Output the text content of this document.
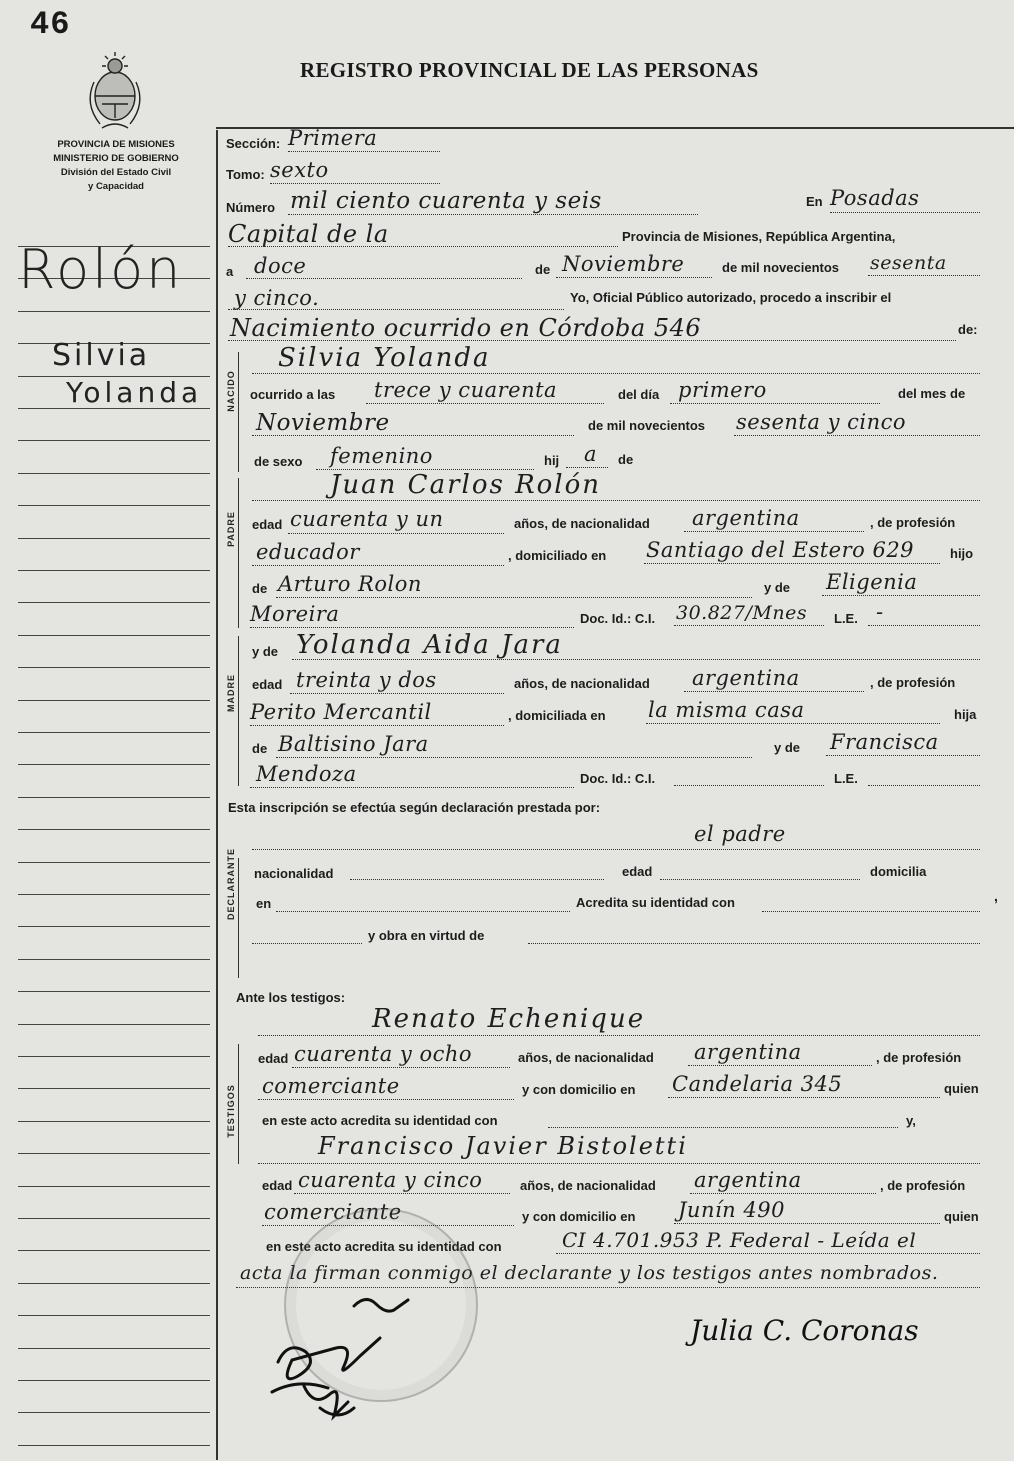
46
REGISTRO PROVINCIAL DE LAS PERSONAS
PROVINCIA DE MISIONES
MINISTERIO DE GOBIERNO
División del Estado Civil
y Capacidad
Rolón
Silvia
Yolanda
Sección: Primera
Tomo: sexto
Número mil ciento cuarenta y seis	En Posadas
Capital de la	Provincia de Misiones, República Argentina,
a doce	de Noviembre	de mil novecientos sesenta
y cinco.	Yo, Oficial Público autorizado, procedo a inscribir el
Nacimiento ocurrido en Córdoba 546	de:
NACIDO
Silvia Yolanda
ocurrido a las trece y cuarenta	del día primero	del mes de
Noviembre	de mil novecientos sesenta y cinco
de sexo femenino	hij a de
PADRE
Juan Carlos Rolón
edad cuarenta y un	años, de nacionalidad argentina	, de profesión
educador	, domiciliado en Santiago del Estero 629	hijo
de Arturo Rolon	y de Eligenia
Moreira	Doc. Id.: C.I. 30.827/Mnes L.E. -
MADRE
y de Yolanda Aida Jara
edad treinta y dos	años, de nacionalidad argentina	, de profesión
Perito Mercantil	, domiciliada en la misma casa	hija
de Baltisino Jara	y de Francisca
Mendoza	Doc. Id.: C.I.	L.E.
Esta inscripción se efectúa según declaración prestada por:
el padre
DECLARANTE nacionalidad	edad	domicilia
en	Acredita su identidad con
y obra en virtud de
Ante los testigos:
Renato Echenique
TESTIGOS
edad cuarenta y ocho	años, de nacionalidad argentina	, de profesión
comerciante	y con domicilio en Candelaria 345	quien
en este acto acredita su identidad con	y,
Francisco Javier Bistoletti
edad cuarenta y cinco	años, de nacionalidad argentina	, de profesión
comerciante	y con domicilio en Junín 490	quien
en este acto acredita su identidad con	CI 4.701.953 P. Federal - Leída el
acta la firman conmigo el declarante y los testigos antes nombrados.
Julia C. Coronas
,
